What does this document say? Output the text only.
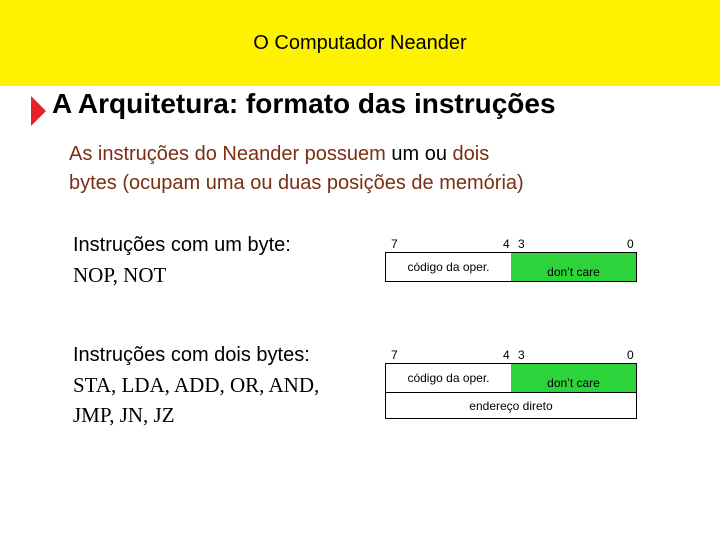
O Computador Neander
A Arquitetura: formato das instruções
As instruções do Neander possuem um ou dois
bytes (ocupam uma ou duas posições de memória)
Instruções com um byte:
NOP, NOT
7	4 3	0
código da oper.	don’t care
Instruções com dois bytes:
STA, LDA, ADD, OR, AND,
JMP, JN, JZ
7	4 3	0
código da oper.	don’t care
endereço direto
